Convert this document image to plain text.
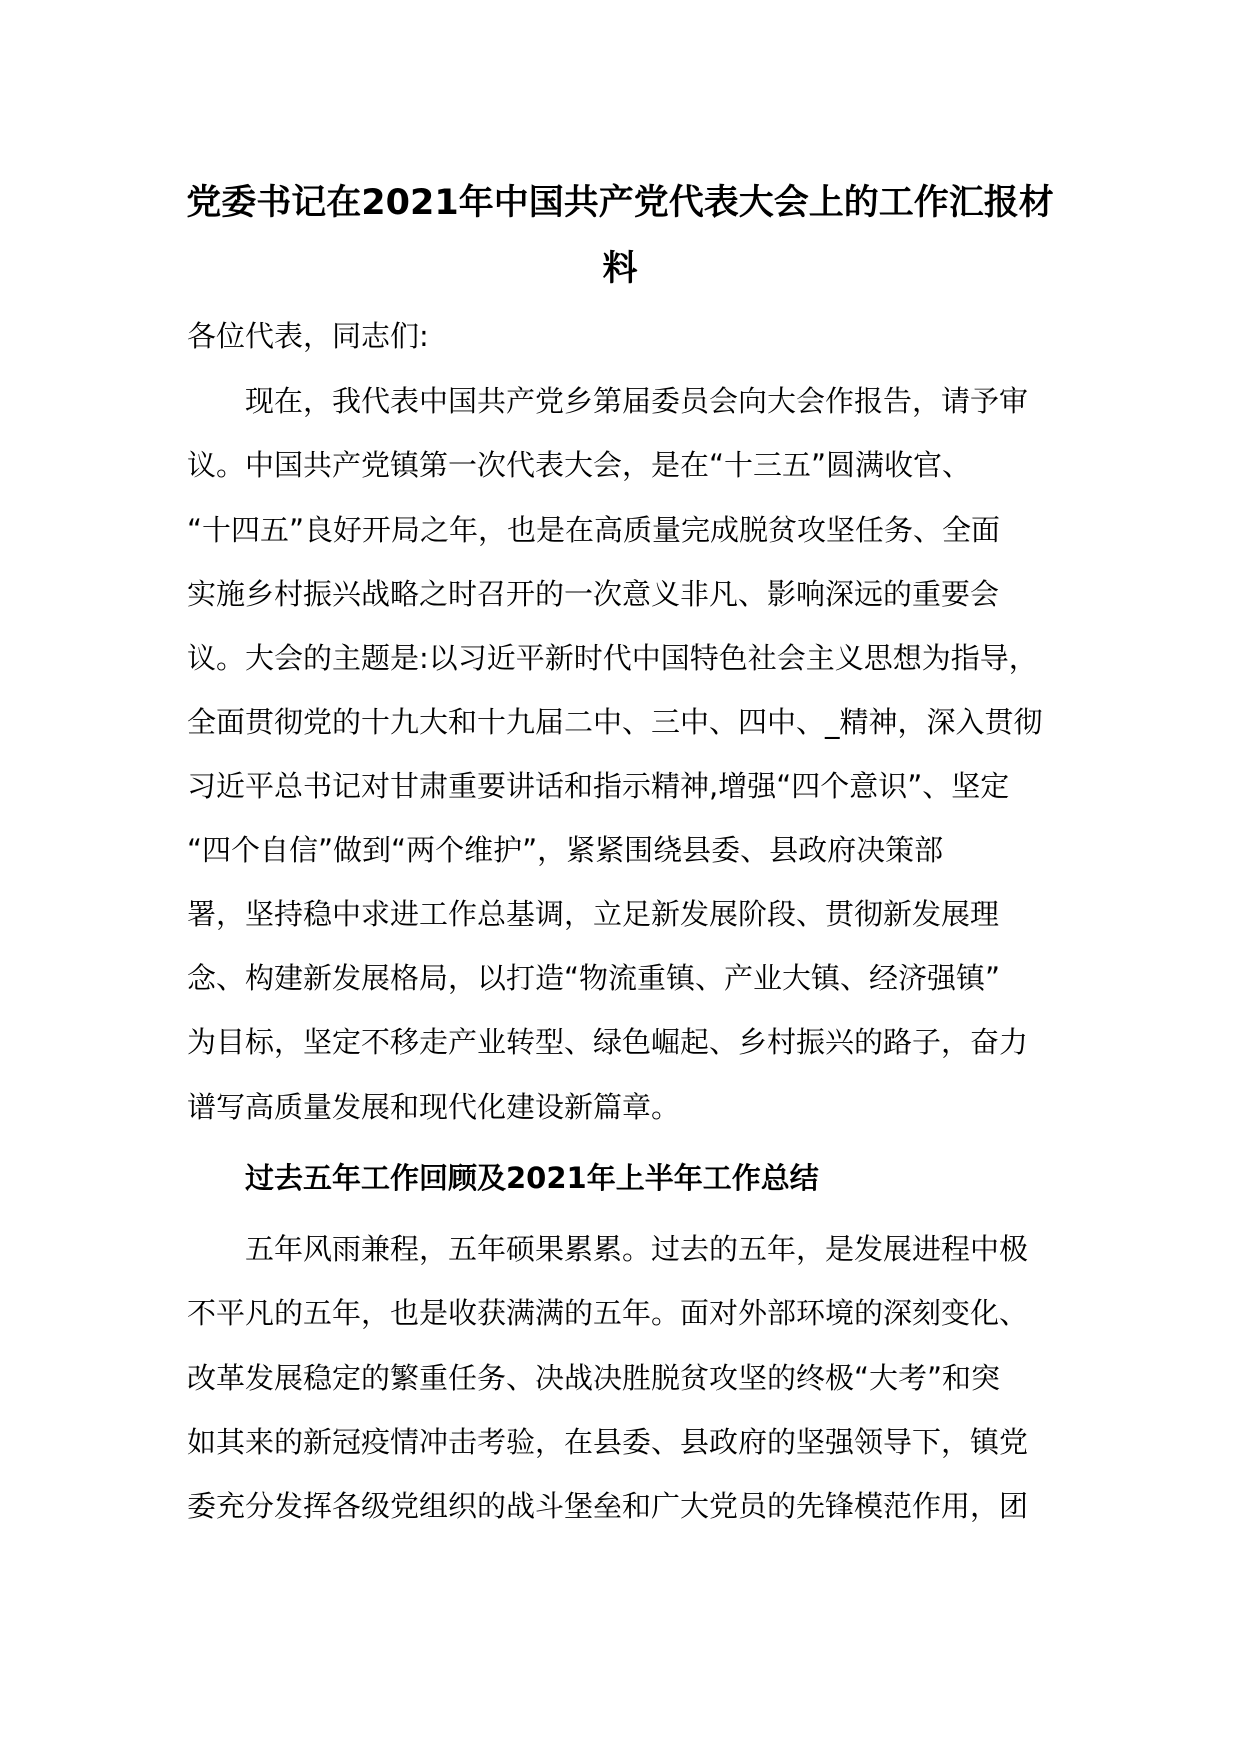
党委书记在2021年中国共产党代表大会上的工作汇报材
料

各位代表，同志们:

现在，我代表中国共产党乡第届委员会向大会作报告，请予审

议。中国共产党镇第一次代表大会，是在“十三五”圆满收官、

“十四五”良好开局之年，也是在高质量完成脱贫攻坚任务、全面

实施乡村振兴战略之时召开的一次意义非凡、影响深远的重要会

议。大会的主题是:以习近平新时代中国特色社会主义思想为指导，

全面贯彻党的十九大和十九届二中、三中、四中、_精神，深入贯彻

习近平总书记对甘肃重要讲话和指示精神,增强“四个意识”、坚定

“四个自信”做到“两个维护”，紧紧围绕县委、县政府决策部

署，坚持稳中求进工作总基调，立足新发展阶段、贯彻新发展理

念、构建新发展格局，以打造“物流重镇、产业大镇、经济强镇”

为目标，坚定不移走产业转型、绿色崛起、乡村振兴的路子，奋力

谱写高质量发展和现代化建设新篇章。

过去五年工作回顾及2021年上半年工作总结

五年风雨兼程，五年硕果累累。过去的五年，是发展进程中极

不平凡的五年，也是收获满满的五年。面对外部环境的深刻变化、

改革发展稳定的繁重任务、决战决胜脱贫攻坚的终极“大考”和突

如其来的新冠疫情冲击考验，在县委、县政府的坚强领导下，镇党

委充分发挥各级党组织的战斗堡垒和广大党员的先锋模范作用，团
